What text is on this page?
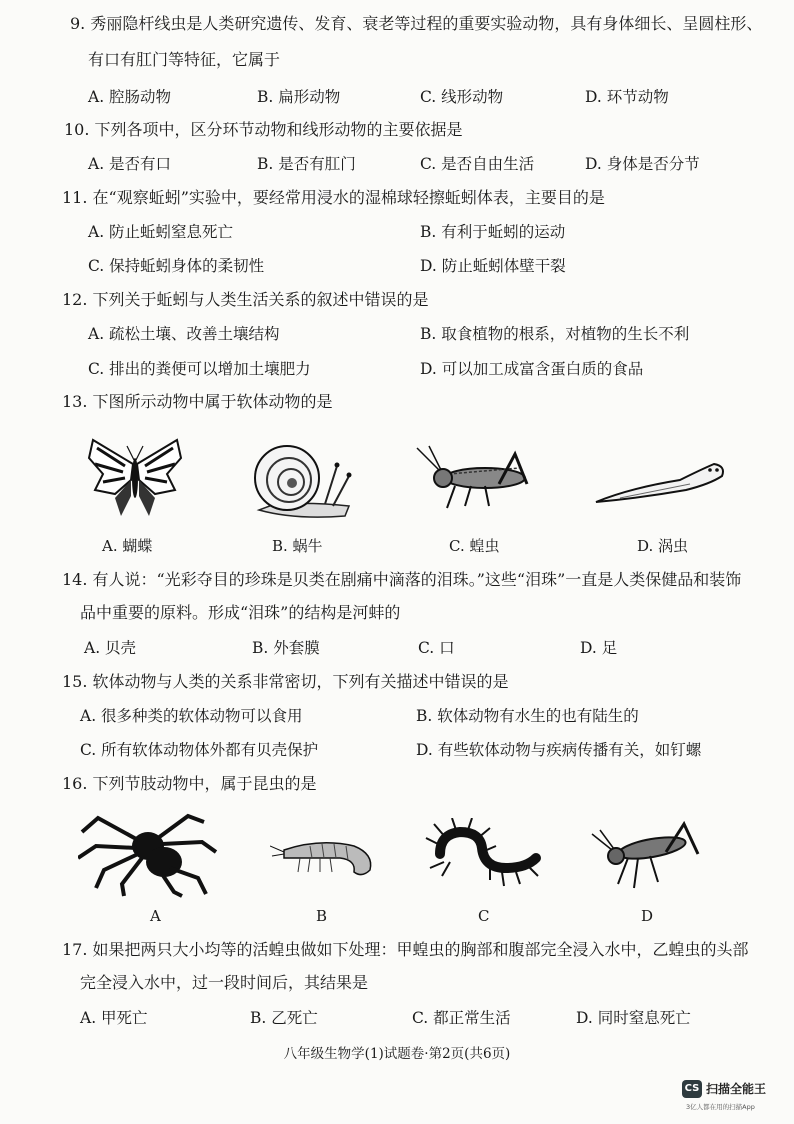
9. 秀丽隐杆线虫是人类研究遗传、发育、衰老等过程的重要实验动物，具有身体细长、呈圆柱形、
有口有肛门等特征，它属于
A. 腔肠动物	B. 扁形动物	C. 线形动物	D. 环节动物
10. 下列各项中，区分环节动物和线形动物的主要依据是
A. 是否有口	B. 是否有肛门	C. 是否自由生活	D. 身体是否分节
11. 在“观察蚯蚓”实验中，要经常用浸水的湿棉球轻擦蚯蚓体表，主要目的是
A. 防止蚯蚓窒息死亡	B. 有利于蚯蚓的运动
C. 保持蚯蚓身体的柔韧性	D. 防止蚯蚓体壁干裂
12. 下列关于蚯蚓与人类生活关系的叙述中错误的是
A. 疏松土壤、改善土壤结构	B. 取食植物的根系，对植物的生长不利
C. 排出的粪便可以增加土壤肥力	D. 可以加工成富含蛋白质的食品
13. 下图所示动物中属于软体动物的是
A. 蝴蝶	B. 蜗牛	C. 蝗虫	D. 涡虫
14. 有人说：“光彩夺目的珍珠是贝类在剧痛中滴落的泪珠。”这些“泪珠”一直是人类保健品和装饰
品中重要的原料。形成“泪珠”的结构是河蚌的
A. 贝壳	B. 外套膜	C. 口	D. 足
15. 软体动物与人类的关系非常密切，下列有关描述中错误的是
A. 很多种类的软体动物可以食用	B. 软体动物有水生的也有陆生的
C. 所有软体动物体外都有贝壳保护	D. 有些软体动物与疾病传播有关，如钉螺
16. 下列节肢动物中，属于昆虫的是
A	B	C	D
17. 如果把两只大小均等的活蝗虫做如下处理：甲蝗虫的胸部和腹部完全浸入水中，乙蝗虫的头部
完全浸入水中，过一段时间后，其结果是
A. 甲死亡	B. 乙死亡	C. 都正常生活	D. 同时窒息死亡
八年级生物学(1)试题卷·第2页(共6页)
CS 扫描全能王
3亿人都在用的扫描App
